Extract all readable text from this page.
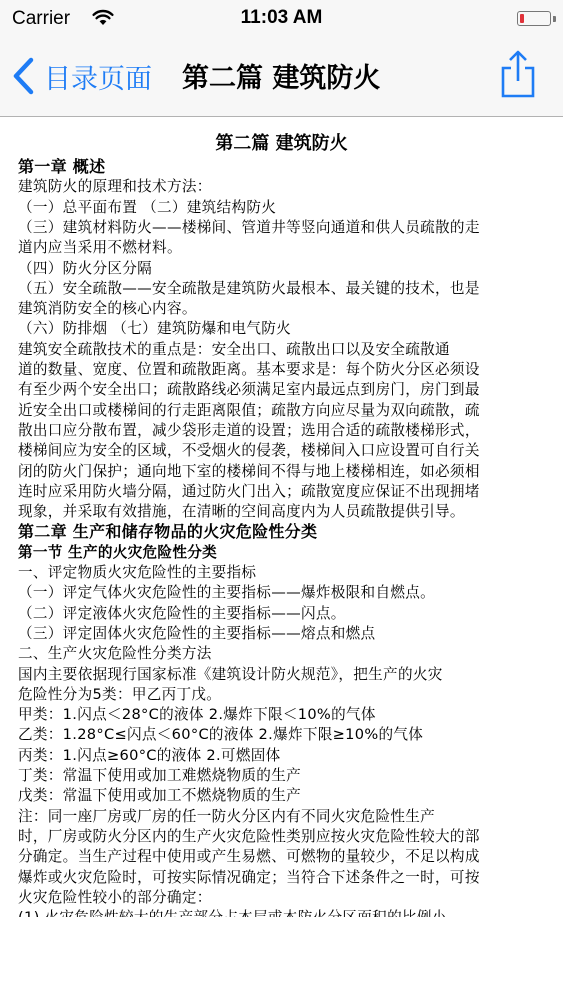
Carrier	11:03 AM
目录页面 第二篇 建筑防火
第二篇 建筑防火
第一章 概述
建筑防火的原理和技术方法：
（一）总平面布置 （二）建筑结构防火
（三）建筑材料防火——楼梯间、管道井等竖向通道和供人员疏散的走
道内应当采用不燃材料。
（四）防火分区分隔
（五）安全疏散——安全疏散是建筑防火最根本、最关键的技术，也是
建筑消防安全的核心内容。
（六）防排烟 （七）建筑防爆和电气防火
建筑安全疏散技术的重点是：安全出口、疏散出口以及安全疏散通
道的数量、宽度、位置和疏散距离。基本要求是：每个防火分区必须设
有至少两个安全出口；疏散路线必须满足室内最远点到房门，房门到最
近安全出口或楼梯间的行走距离限值；疏散方向应尽量为双向疏散，疏
散出口应分散布置，减少袋形走道的设置；选用合适的疏散楼梯形式，
楼梯间应为安全的区域，不受烟火的侵袭，楼梯间入口应设置可自行关
闭的防火门保护；通向地下室的楼梯间不得与地上楼梯相连，如必须相
连时应采用防火墙分隔，通过防火门出入；疏散宽度应保证不出现拥堵
现象，并采取有效措施，在清晰的空间高度内为人员疏散提供引导。
第二章 生产和储存物品的火灾危险性分类
第一节 生产的火灾危险性分类
一、评定物质火灾危险性的主要指标
（一）评定气体火灾危险性的主要指标——爆炸极限和自燃点。
（二）评定液体火灾危险性的主要指标——闪点。
（三）评定固体火灾危险性的主要指标——熔点和燃点
二、生产火灾危险性分类方法
国内主要依据现行国家标准《建筑设计防火规范》，把生产的火灾
危险性分为5类：甲乙丙丁戊。
甲类：1.闪点＜28°C的液体 2.爆炸下限＜10%的气体
乙类：1.28°C≤闪点＜60°C的液体 2.爆炸下限≥10%的气体
丙类：1.闪点≥60°C的液体 2.可燃固体
丁类：常温下使用或加工难燃烧物质的生产
戊类：常温下使用或加工不燃烧物质的生产
注：同一座厂房或厂房的任一防火分区内有不同火灾危险性生产
时，厂房或防火分区内的生产火灾危险性类别应按火灾危险性较大的部
分确定。当生产过程中使用或产生易燃、可燃物的量较少，不足以构成
爆炸或火灾危险时，可按实际情况确定；当符合下述条件之一时，可按
火灾危险性较小的部分确定：
